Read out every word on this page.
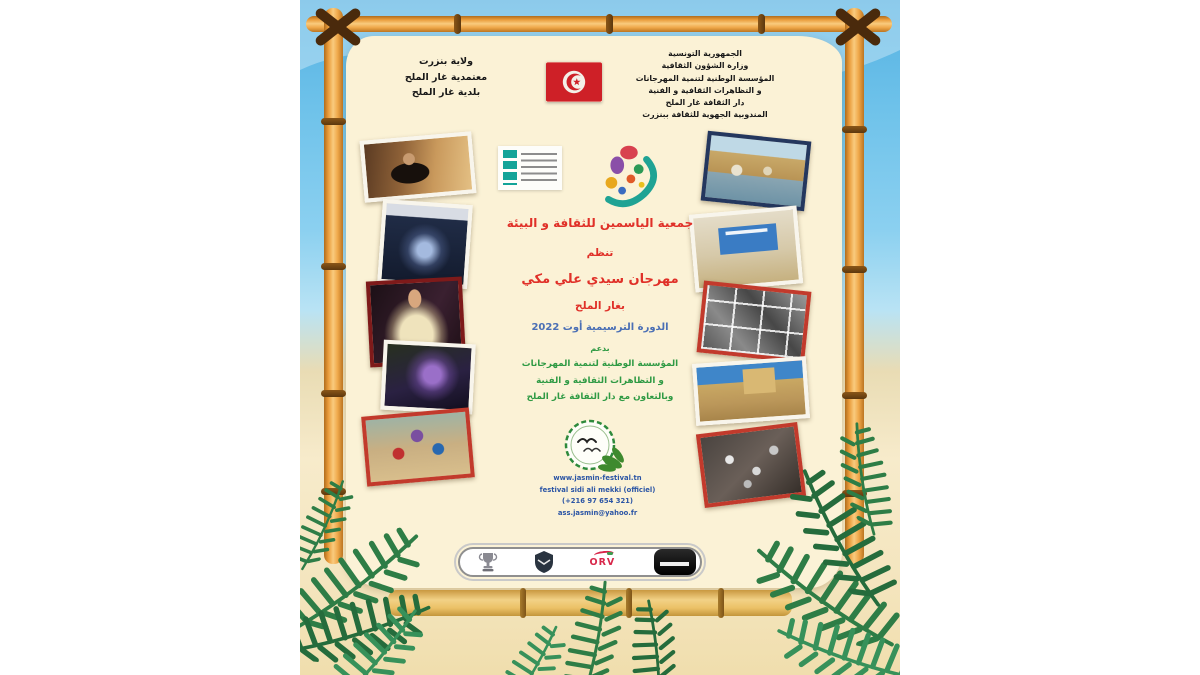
ولاية بنزرت
معتمدية غار الملح
بلدية غار الملح
الجمهورية التونسية
وزارة الشؤون الثقافية
المؤسسة الوطنية لتنمية المهرجانات
و التظاهرات الثقافية و الفنية
دار الثقافة غار الملح
المندوبية الجهوية للثقافة ببنزرت
جمعية الياسمين للثقافة و البيئة
تنظم
مهرجان سيدي علي مكي
بغار الملح
الدورة الترسيمية أوت 2022
بدعم
المؤسسة الوطنية لتنمية المهرجانات
و التظاهرات الثقافية و الفنية
وبالتعاون مع دار الثقافة غار الملح
www.jasmin-festival.tn
festival sidi ali mekki (officiel)
(+216 97 654 321)
ass.jasmin@yahoo.fr
ORV
